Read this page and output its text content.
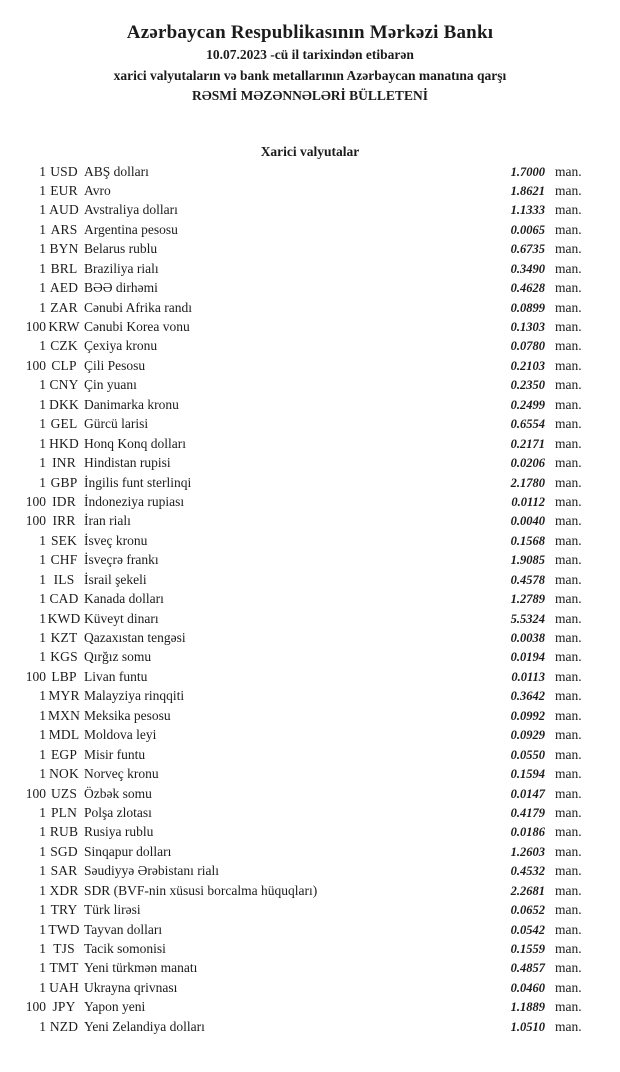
Azərbaycan Respublikasının Mərkəzi Bankı
10.07.2023 -cü il tarixindən etibarən
xarici valyutaların və bank metallarının Azərbaycan manatına qarşı
RƏSMİ MƏZƏNNƏLƏRİ BÜLLETENİ
Xarici valyutalar
1 USD ABŞ dolları	1.7000 man.
1 EUR Avro	1.8621 man.
1 AUD Avstraliya dolları	1.1333 man.
1 ARS Argentina pesosu	0.0065 man.
1 BYN Belarus rublu	0.6735 man.
1 BRL Braziliya rialı	0.3490 man.
1 AED BƏƏ dirhəmi	0.4628 man.
1 ZAR Cənubi Afrika randı	0.0899 man.
100 KRW Cənubi Korea vonu	0.1303 man.
1 CZK Çexiya kronu	0.0780 man.
100 CLP Çili Pesosu	0.2103 man.
1 CNY Çin yuanı	0.2350 man.
1 DKK Danimarka kronu	0.2499 man.
1 GEL Gürcü larisi	0.6554 man.
1 HKD Honq Konq dolları	0.2171 man.
1 INR Hindistan rupisi	0.0206 man.
1 GBP İngilis funt sterlinqi	2.1780 man.
100 IDR İndoneziya rupiası	0.0112 man.
100 IRR İran rialı	0.0040 man.
1 SEK İsveç kronu	0.1568 man.
1 CHF İsveçrə frankı	1.9085 man.
1 ILS İsrail şekeli	0.4578 man.
1 CAD Kanada dolları	1.2789 man.
1 KWD Küveyt dinarı	5.5324 man.
1 KZT Qazaxıstan tengəsi	0.0038 man.
1 KGS Qırğız somu	0.0194 man.
100 LBP Livan funtu	0.0113 man.
1 MYR Malayziya rinqqiti	0.3642 man.
1 MXN Meksika pesosu	0.0992 man.
1 MDL Moldova leyi	0.0929 man.
1 EGP Misir funtu	0.0550 man.
1 NOK Norveç kronu	0.1594 man.
100 UZS Özbək somu	0.0147 man.
1 PLN Polşa zlotası	0.4179 man.
1 RUB Rusiya rublu	0.0186 man.
1 SGD Sinqapur dolları	1.2603 man.
1 SAR Səudiyyə Ərəbistanı rialı	0.4532 man.
1 XDR SDR (BVF-nin xüsusi borcalma hüquqları)	2.2681 man.
1 TRY Türk lirəsi	0.0652 man.
1 TWD Tayvan dolları	0.0542 man.
1 TJS Tacik somonisi	0.1559 man.
1 TMT Yeni türkmən manatı	0.4857 man.
1 UAH Ukrayna qrivnası	0.0460 man.
100 JPY Yapon yeni	1.1889 man.
1 NZD Yeni Zelandiya dolları	1.0510 man.
